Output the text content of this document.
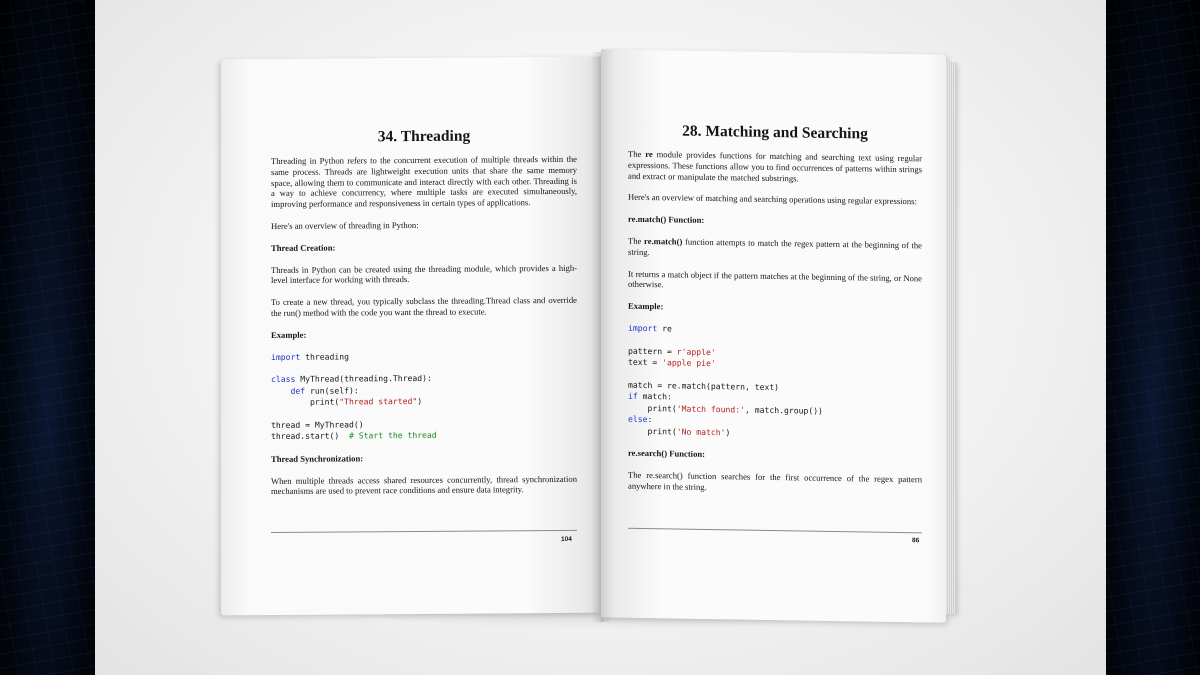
34. Threading

Threading in Python refers to the concurrent execution of multiple threads within the same process. Threads are lightweight execution units that share the same memory space, allowing them to communicate and interact directly with each other. Threading is a way to achieve concurrency, where multiple tasks are executed simultaneously, improving performance and responsiveness in certain types of applications.

Here's an overview of threading in Python:

Thread Creation:

Threads in Python can be created using the threading module, which provides a high-level interface for working with threads.

To create a new thread, you typically subclass the threading.Thread class and override the run() method with the code you want the thread to execute.

Example:
import threading

class MyThread(threading.Thread):
def run(self):
print("Thread started")

thread = MyThread()
thread.start()  # Start the thread
Thread Synchronization:

When multiple threads access shared resources concurrently, thread synchronization mechanisms are used to prevent race conditions and ensure data integrity.

104
28. Matching and Searching

The re module provides functions for matching and searching text using regular expressions. These functions allow you to find occurrences of patterns within strings and extract or manipulate the matched substrings.

Here's an overview of matching and searching operations using regular expressions:

re.match() Function:

The re.match() function attempts to match the regex pattern at the beginning of the string.

It returns a match object if the pattern matches at the beginning of the string, or None otherwise.

Example:
import re

pattern = r'apple'
text = 'apple pie'

match = re.match(pattern, text)
if match:
print('Match found:', match.group())
else:
print('No match')
re.search() Function:

The re.search() function searches for the first occurrence of the regex pattern anywhere in the string.

86
